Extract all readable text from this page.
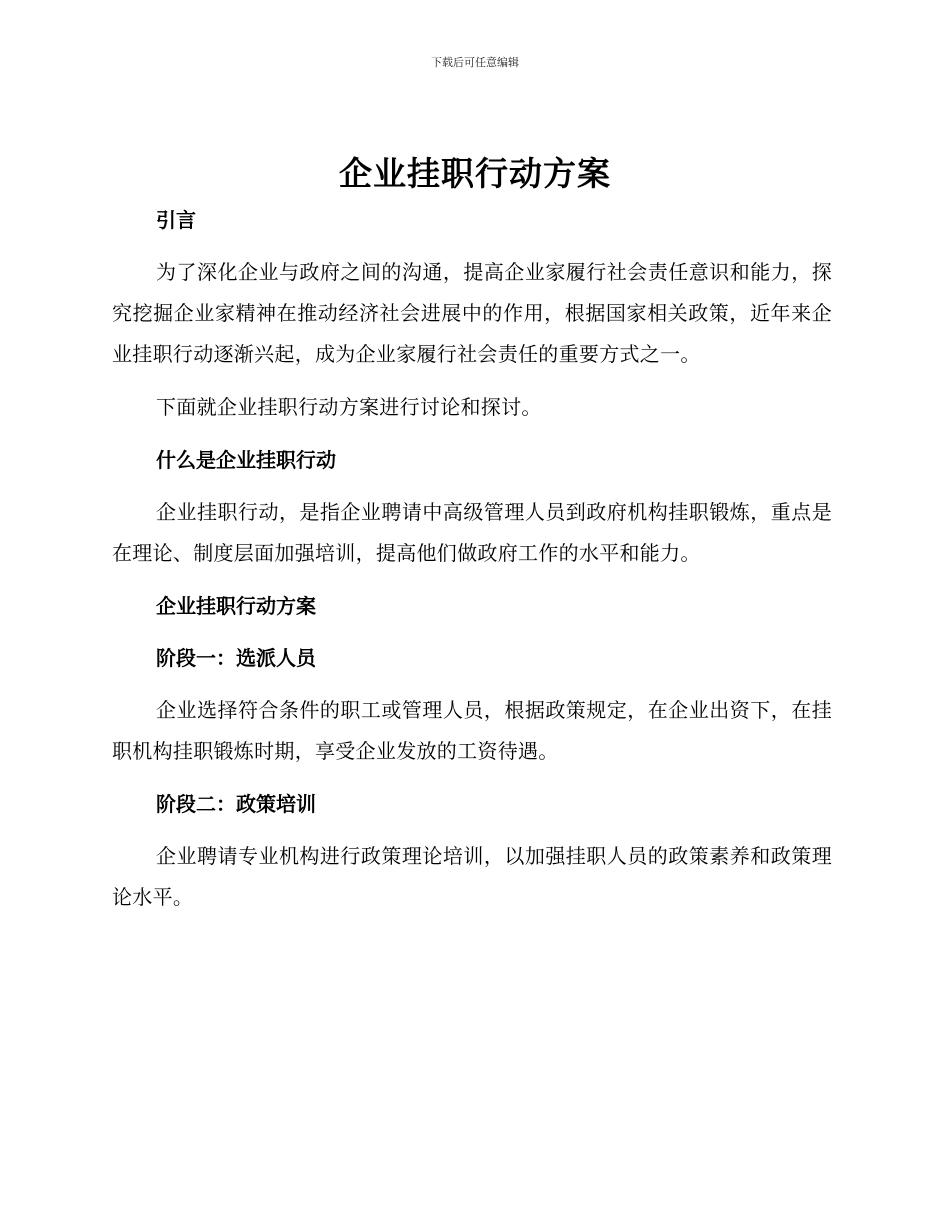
下载后可任意编辑
企业挂职行动方案
引言

为了深化企业与政府之间的沟通，提高企业家履行社会责任意识和能力，探究挖掘企业家精神在推动经济社会进展中的作用，根据国家相关政策，近年来企业挂职行动逐渐兴起，成为企业家履行社会责任的重要方式之一。

下面就企业挂职行动方案进行讨论和探讨。

什么是企业挂职行动

企业挂职行动，是指企业聘请中高级管理人员到政府机构挂职锻炼，重点是在理论、制度层面加强培训，提高他们做政府工作的水平和能力。

企业挂职行动方案
阶段一：选派人员

企业选择符合条件的职工或管理人员，根据政策规定，在企业出资下，在挂职机构挂职锻炼时期，享受企业发放的工资待遇。

阶段二：政策培训

企业聘请专业机构进行政策理论培训，以加强挂职人员的政策素养和政策理论水平。
